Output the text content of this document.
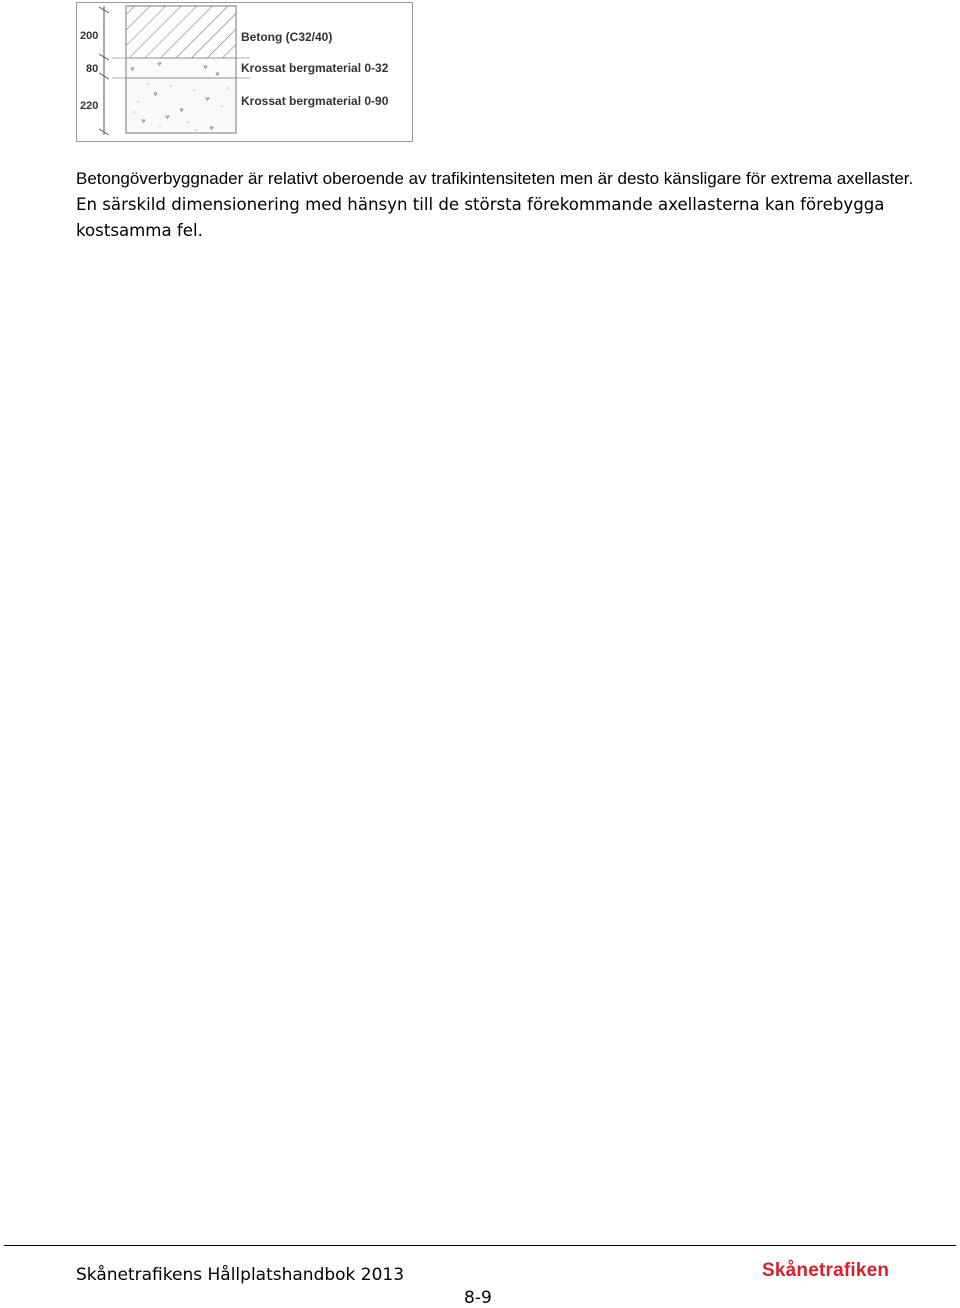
200
80
220
Betong (C32/40)
Krossat bergmaterial 0-32
Krossat bergmaterial 0-90

Betongöverbyggnader är relativt oberoende av trafikintensiteten men är desto känsligare för extrema axellaster. En särskild dimensionering med hänsyn till de största förekommande axellasterna kan förebygga kostsamma fel.

Skånetrafikens Hållplatshandbok 2013	Skånetrafiken
8-9
